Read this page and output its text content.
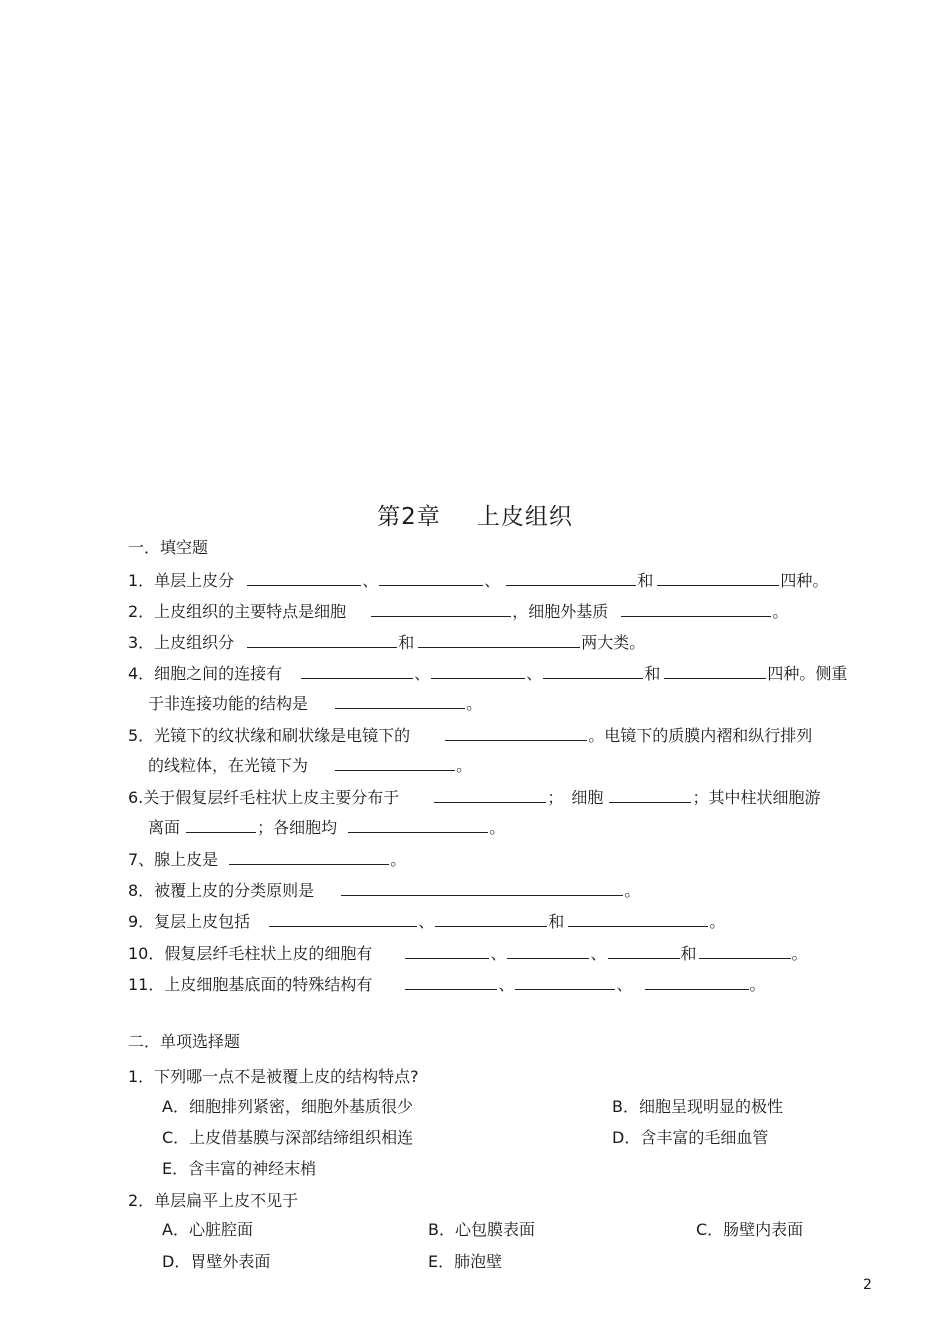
第2章 上皮组织
一．填空题
1．单层上皮分	、	、	和	四种。
2．上皮组织的主要特点是细胞	，细胞外基质	。
3．上皮组织分	和	两大类。
4．细胞之间的连接有	、	、	和	四种。侧重
于非连接功能的结构是	。
5．光镜下的纹状缘和刷状缘是电镜下的	。电镜下的质膜内褶和纵行排列
的线粒体，在光镜下为	。
6.关于假复层纤毛柱状上皮主要分布于	；　细胞	；其中柱状细胞游
离面	；各细胞均	。
7、腺上皮是	。
8．被覆上皮的分类原则是	。
9．复层上皮包括	、	和	。
10．假复层纤毛柱状上皮的细胞有	、	、	和	。
11．上皮细胞基底面的特殊结构有	、	、	。
二．单项选择题
1．下列哪一点不是被覆上皮的结构特点?
A．细胞排列紧密，细胞外基质很少	B．细胞呈现明显的极性
C．上皮借基膜与深部结缔组织相连	D．含丰富的毛细血管
E．含丰富的神经末梢
2．单层扁平上皮不见于
A．心脏腔面	B．心包膜表面	C．肠壁内表面
D．胃壁外表面	E．肺泡壁
2
